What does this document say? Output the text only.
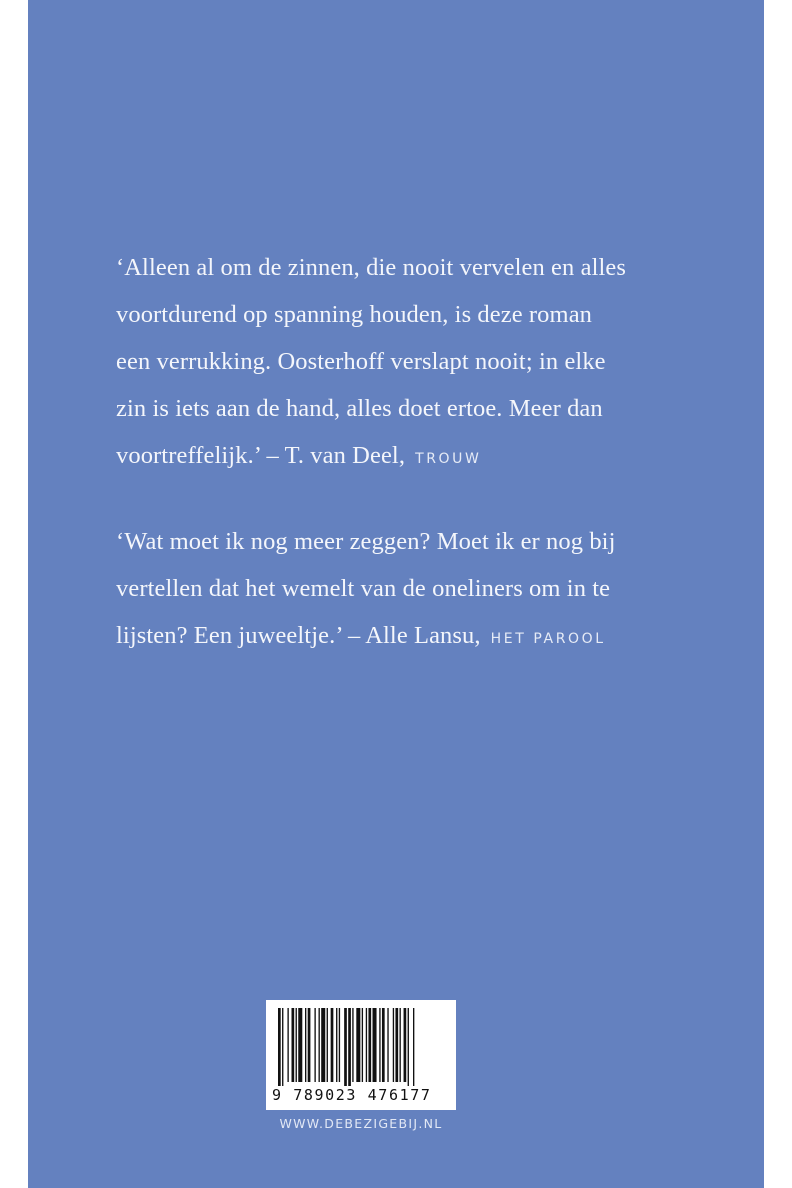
‘Alleen al om de zinnen, die nooit vervelen en alles
voortdurend op spanning houden, is deze roman
een verrukking. Oosterhoff verslapt nooit; in elke
zin is iets aan de hand, alles doet ertoe. Meer dan
voortreffelijk.’ – T. van Deel, TROUW

‘Wat moet ik nog meer zeggen? Moet ik er nog bij
vertellen dat het wemelt van de oneliners om in te
lijsten? Een juweeltje.’ – Alle Lansu, HET PAROOL

9 789023 476177
WWW.DEBEZIGEBIJ.NL
